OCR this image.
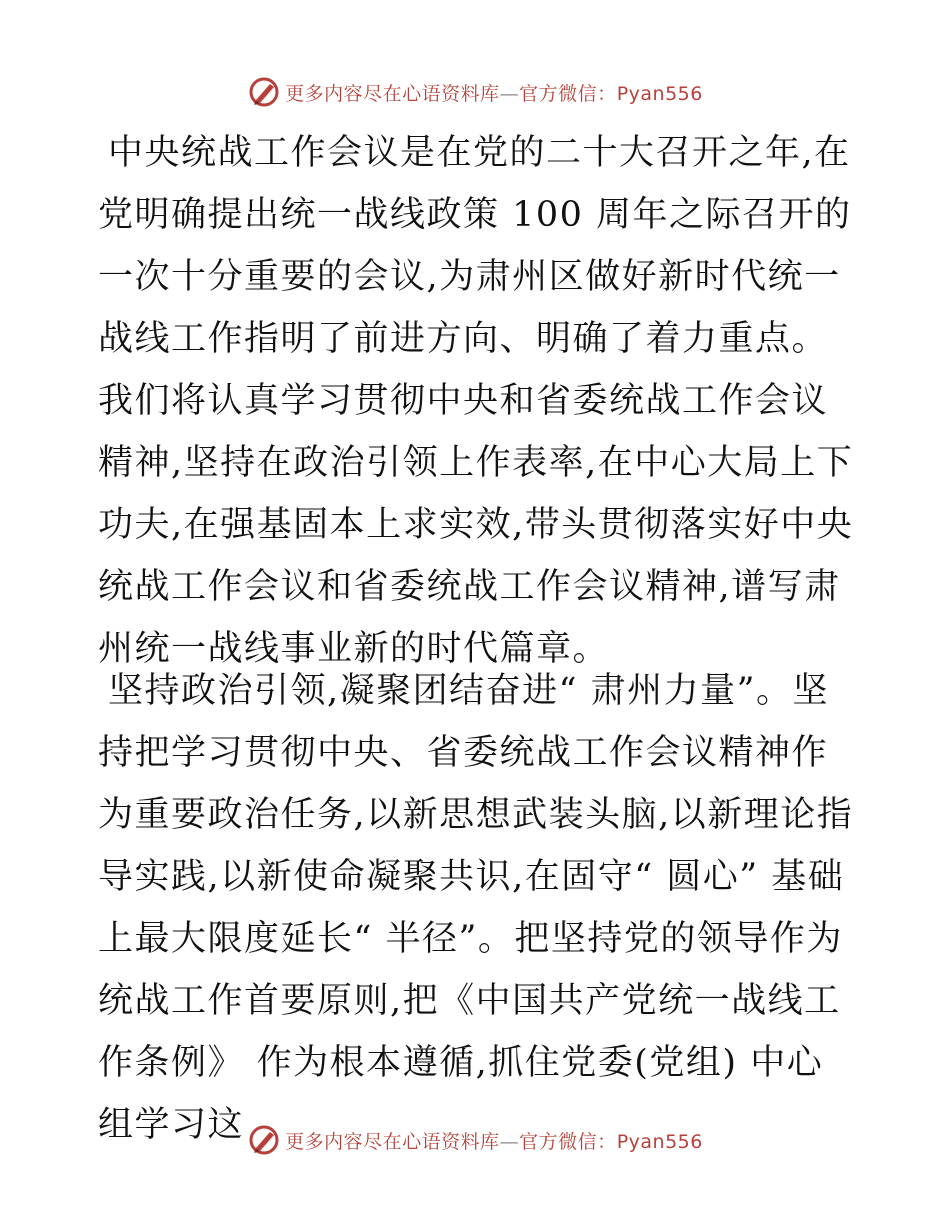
更多内容尽在心语资料库—官方微信：Pyan556

中央统战工作会议是在党的二十大召开之年,在党明确提出统一战线政策 100 周年之际召开的一次十分重要的会议,为肃州区做好新时代统一战线工作指明了前进方向、明确了着力重点。我们将认真学习贯彻中央和省委统战工作会议精神,坚持在政治引领上作表率,在中心大局上下功夫,在强基固本上求实效,带头贯彻落实好中央统战工作会议和省委统战工作会议精神,谱写肃州统一战线事业新的时代篇章。

坚持政治引领,凝聚团结奋进“ 肃州力量”。坚持把学习贯彻中央、省委统战工作会议精神作为重要政治任务,以新思想武装头脑,以新理论指导实践,以新使命凝聚共识,在固守“ 圆心” 基础上最大限度延长“ 半径”。把坚持党的领导作为统战工作首要原则,把《中国共产党统一战线工作条例》 作为根本遵循,抓住党委(党组) 中心组学习这	更多内容尽在心语资料库—官方微信：Pyan556
